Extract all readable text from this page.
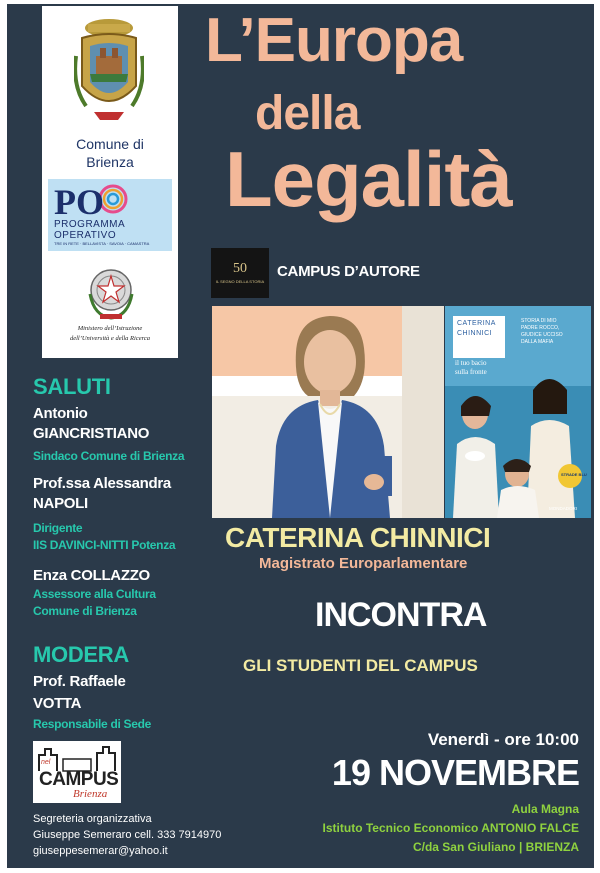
Comune di
Brienza
PO
PROGRAMMA
OPERATIVO
TRE IN RETE · BELLAVISTA · SAVOIA · CAMASTRA
Ministero dell’Istruzione
dell’Università e della Ricerca
L’Europa
della
Legalità
50
IL SEGNO DELLA STORIA
CAMPUS D’AUTORE
CATERINA
CHINNICI
È così lieve
il tuo bacio
sulla fronte
STORIA DI MIO
PADRE ROCCO,
GIUDICE UCCISO
DALLA MAFIA
STRADE BLU
MONDADORI
SALUTI
Antonio
GIANCRISTIANO
Sindaco Comune di Brienza
Prof.ssa Alessandra
NAPOLI
Dirigente
IIS DAVINCI-NITTI Potenza
Enza COLLAZZO
Assessore alla Cultura
Comune di Brienza
MODERA
Prof. Raffaele
VOTTA
Responsabile di Sede
nel
CAMPUS
Brienza
Segreteria organizzativa
Giuseppe Semeraro cell. 333 7914970
giuseppesemerar@yahoo.it
CATERINA CHINNICI
Magistrato Europarlamentare
INCONTRA
GLI STUDENTI DEL CAMPUS
Venerdì - ore 10:00
19 NOVEMBRE
Aula Magna
Istituto Tecnico Economico ANTONIO FALCE
C/da San Giuliano | BRIENZA
